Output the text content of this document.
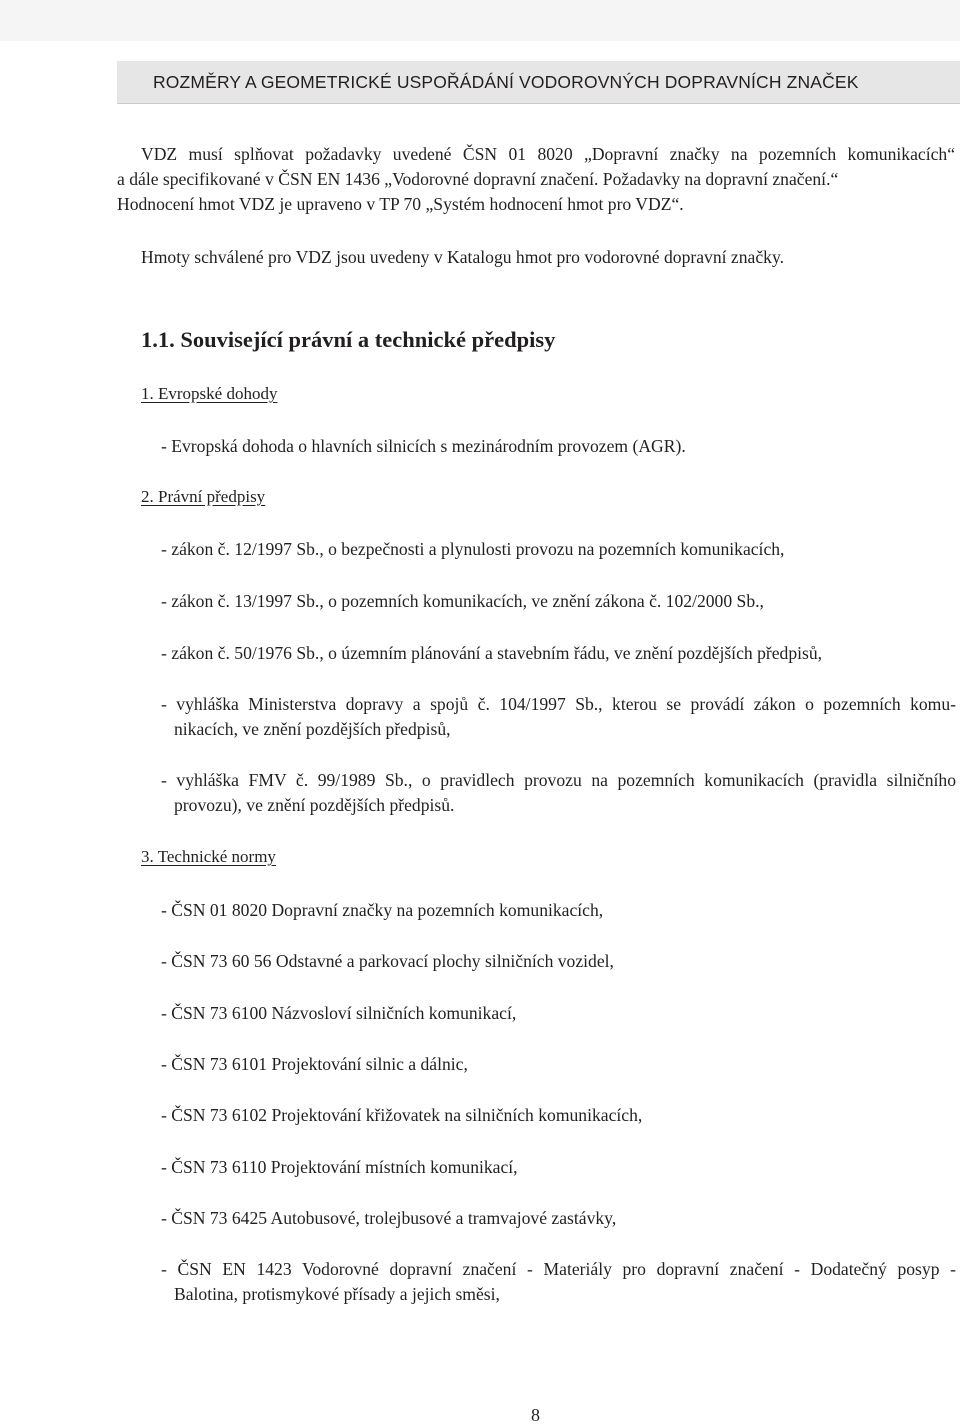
ROZMĚRY A GEOMETRICKÉ USPOŘÁDÁNÍ VODOROVNÝCH DOPRAVNÍCH ZNAČEK
VDZ musí splňovat požadavky uvedené ČSN 01 8020 „Dopravní značky na pozemních komunikacích“
a dále specifikované v ČSN EN 1436 „Vodorovné dopravní značení. Požadavky na dopravní značení.“
Hodnocení hmot VDZ je upraveno v TP 70 „Systém hodnocení hmot pro VDZ“.
Hmoty schválené pro VDZ jsou uvedeny v Katalogu hmot pro vodorovné dopravní značky.
1.1. Související právní a technické předpisy
1. Evropské dohody
- Evropská dohoda o hlavních silnicích s mezinárodním provozem (AGR).
2. Právní předpisy
- zákon č. 12/1997 Sb., o bezpečnosti a plynulosti provozu na pozemních komunikacích,
- zákon č. 13/1997 Sb., o pozemních komunikacích, ve znění zákona č. 102/2000 Sb.,
- zákon č. 50/1976 Sb., o územním plánování a stavebním řádu, ve znění pozdějších předpisů,
- vyhláška Ministerstva dopravy a spojů č. 104/1997 Sb., kterou se provádí zákon o pozemních komu-
nikacích, ve znění pozdějších předpisů,
- vyhláška FMV č. 99/1989 Sb., o pravidlech provozu na pozemních komunikacích (pravidla silničního
provozu), ve znění pozdějších předpisů.
3. Technické normy
- ČSN 01 8020 Dopravní značky na pozemních komunikacích,
- ČSN 73 60 56 Odstavné a parkovací plochy silničních vozidel,
- ČSN 73 6100 Názvosloví silničních komunikací,
- ČSN 73 6101 Projektování silnic a dálnic,
- ČSN 73 6102 Projektování křižovatek na silničních komunikacích,
- ČSN 73 6110 Projektování místních komunikací,
- ČSN 73 6425 Autobusové, trolejbusové a tramvajové zastávky,
- ČSN EN 1423 Vodorovné dopravní značení - Materiály pro dopravní značení - Dodatečný posyp -
Balotina, protismykové přísady a jejich směsi,
8
